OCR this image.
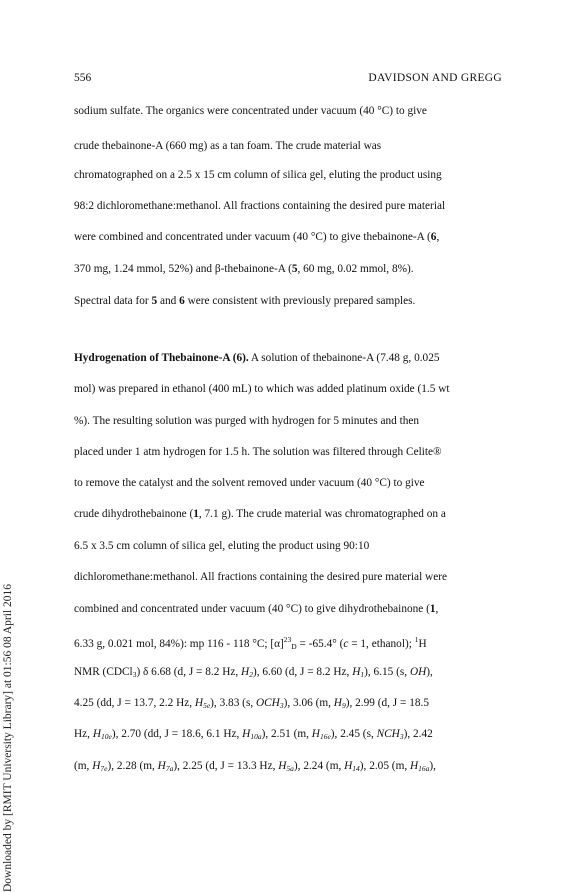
556	DAVIDSON AND GREGG
Downloaded by [RMIT University Library] at 01:56 08 April 2016
sodium sulfate. The organics were concentrated under vacuum (40 °C) to give
crude thebainone-A (660 mg) as a tan foam. The crude material was
chromatographed on a 2.5 x 15 cm column of silica gel, eluting the product using
98:2 dichloromethane:methanol. All fractions containing the desired pure material
were combined and concentrated under vacuum (40 °C) to give thebainone-A (6,
370 mg, 1.24 mmol, 52%) and β-thebainone-A (5, 60 mg, 0.02 mmol, 8%).
Spectral data for 5 and 6 were consistent with previously prepared samples.
Hydrogenation of Thebainone-A (6). A solution of thebainone-A (7.48 g, 0.025
mol) was prepared in ethanol (400 mL) to which was added platinum oxide (1.5 wt
%). The resulting solution was purged with hydrogen for 5 minutes and then
placed under 1 atm hydrogen for 1.5 h. The solution was filtered through Celite®
to remove the catalyst and the solvent removed under vacuum (40 °C) to give
crude dihydrothebainone (1, 7.1 g). The crude material was chromatographed on a
6.5 x 3.5 cm column of silica gel, eluting the product using 90:10
dichloromethane:methanol. All fractions containing the desired pure material were
combined and concentrated under vacuum (40 °C) to give dihydrothebainone (1,
6.33 g, 0.021 mol, 84%): mp 116 - 118 °C; $[\alpha]^{23}_D = -65.4^\circ$ (c = 1, ethanol); $^1$H
NMR (CDCl$_3$) δ 6.68 (d, J = 8.2 Hz, $H_2$), 6.60 (d, J = 8.2 Hz, $H_1$), 6.15 (s, OH),
4.25 (dd, J = 13.7, 2.2 Hz, $H_{5e}$), 3.83 (s, $OCH_3$), 3.06 (m, $H_9$), 2.99 (d, J = 18.5
Hz, $H_{10e}$), 2.70 (dd, J = 18.6, 6.1 Hz, $H_{10a}$), 2.51 (m, $H_{16e}$), 2.45 (s, $NCH_3$), 2.42
(m, $H_{7e}$), 2.28 (m, $H_{7a}$), 2.25 (d, J = 13.3 Hz, $H_{5a}$), 2.24 (m, $H_{14}$), 2.05 (m, $H_{16a}$),
